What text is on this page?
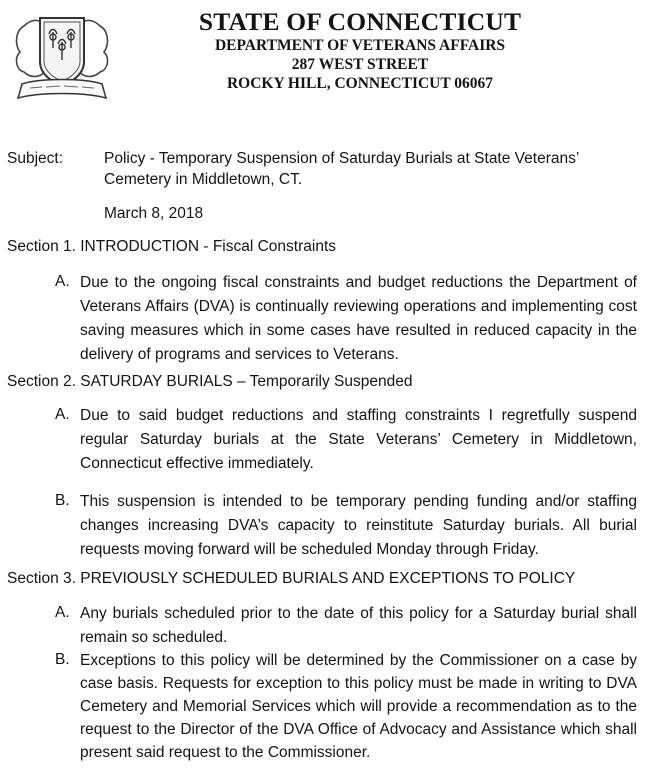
STATE OF CONNECTICUT
DEPARTMENT OF VETERANS AFFAIRS
287 WEST STREET
ROCKY HILL, CONNECTICUT 06067
Subject:	Policy - Temporary Suspension of Saturday Burials at State Veterans’ Cemetery in Middletown, CT.
March 8, 2018
Section 1. INTRODUCTION - Fiscal Constraints
A. Due to the ongoing fiscal constraints and budget reductions the Department of Veterans Affairs (DVA) is continually reviewing operations and implementing cost saving measures which in some cases have resulted in reduced capacity in the delivery of programs and services to Veterans.
Section 2. SATURDAY BURIALS – Temporarily Suspended
A. Due to said budget reductions and staffing constraints I regretfully suspend regular Saturday burials at the State Veterans’ Cemetery in Middletown, Connecticut effective immediately.
B. This suspension is intended to be temporary pending funding and/or staffing changes increasing DVA’s capacity to reinstitute Saturday burials. All burial requests moving forward will be scheduled Monday through Friday.
Section 3. PREVIOUSLY SCHEDULED BURIALS AND EXCEPTIONS TO POLICY
A. Any burials scheduled prior to the date of this policy for a Saturday burial shall remain so scheduled.
B. Exceptions to this policy will be determined by the Commissioner on a case by case basis. Requests for exception to this policy must be made in writing to DVA Cemetery and Memorial Services which will provide a recommendation as to the request to the Director of the DVA Office of Advocacy and Assistance which shall present said request to the Commissioner.
